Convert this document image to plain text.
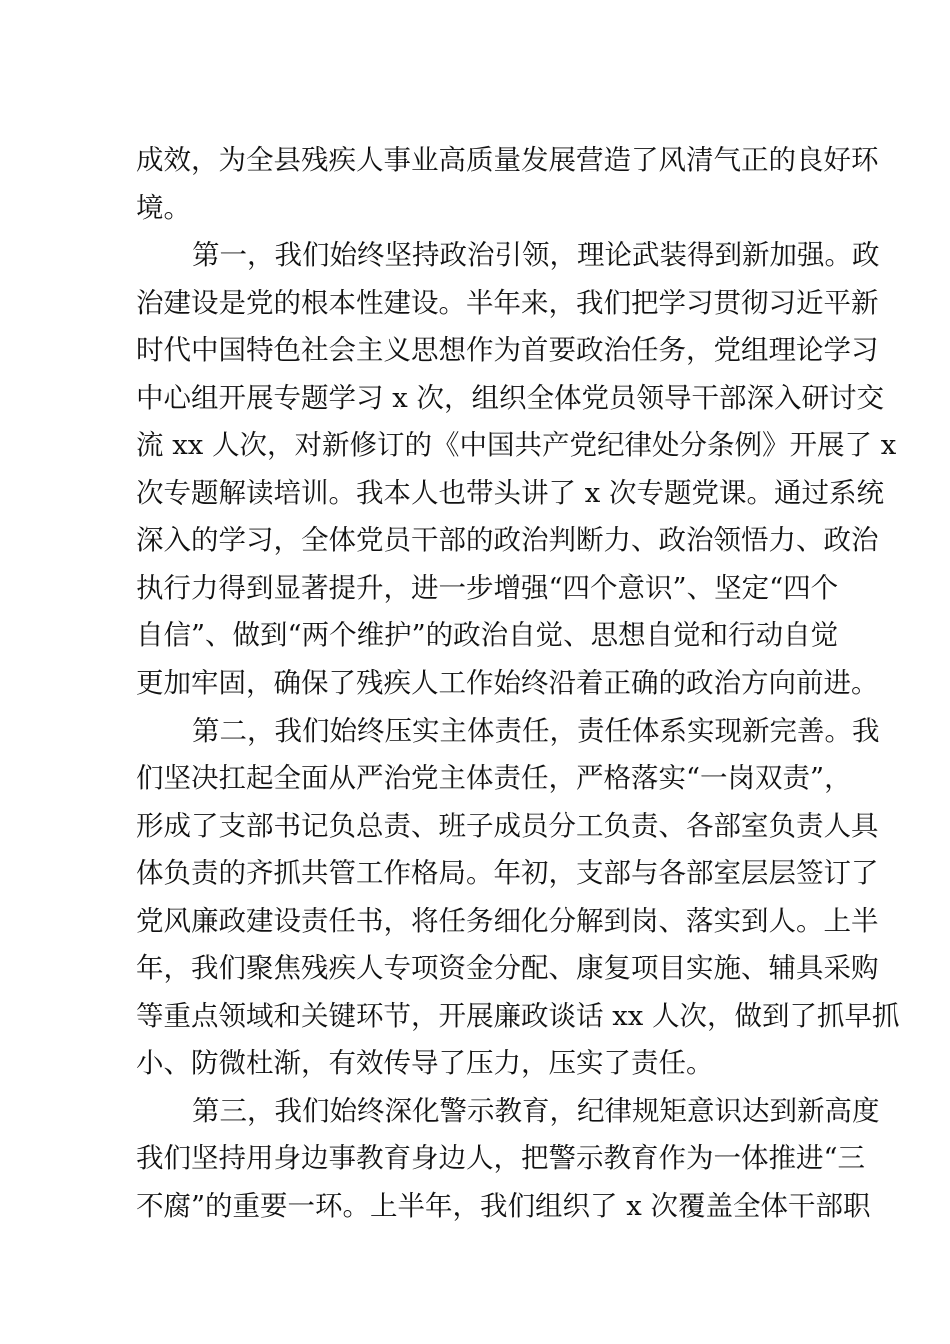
成效，为全县残疾人事业高质量发展营造了风清气正的良好环
境。
第一，我们始终坚持政治引领，理论武装得到新加强。政
治建设是党的根本性建设。半年来，我们把学习贯彻习近平新
时代中国特色社会主义思想作为首要政治任务，党组理论学习
中心组开展专题学习 x 次，组织全体党员领导干部深入研讨交
流 xx 人次，对新修订的《中国共产党纪律处分条例》开展了 x
次专题解读培训。我本人也带头讲了 x 次专题党课。通过系统
深入的学习，全体党员干部的政治判断力、政治领悟力、政治
执行力得到显著提升，进一步增强“四个意识”、坚定“四个
自信”、做到“两个维护”的政治自觉、思想自觉和行动自觉
更加牢固，确保了残疾人工作始终沿着正确的政治方向前进。
第二，我们始终压实主体责任，责任体系实现新完善。我
们坚决扛起全面从严治党主体责任，严格落实“一岗双责”，
形成了支部书记负总责、班子成员分工负责、各部室负责人具
体负责的齐抓共管工作格局。年初，支部与各部室层层签订了
党风廉政建设责任书，将任务细化分解到岗、落实到人。上半
年，我们聚焦残疾人专项资金分配、康复项目实施、辅具采购
等重点领域和关键环节，开展廉政谈话 xx 人次，做到了抓早抓
小、防微杜渐，有效传导了压力，压实了责任。
第三，我们始终深化警示教育，纪律规矩意识达到新高度
我们坚持用身边事教育身边人，把警示教育作为一体推进“三
不腐”的重要一环。上半年，我们组织了 x 次覆盖全体干部职
